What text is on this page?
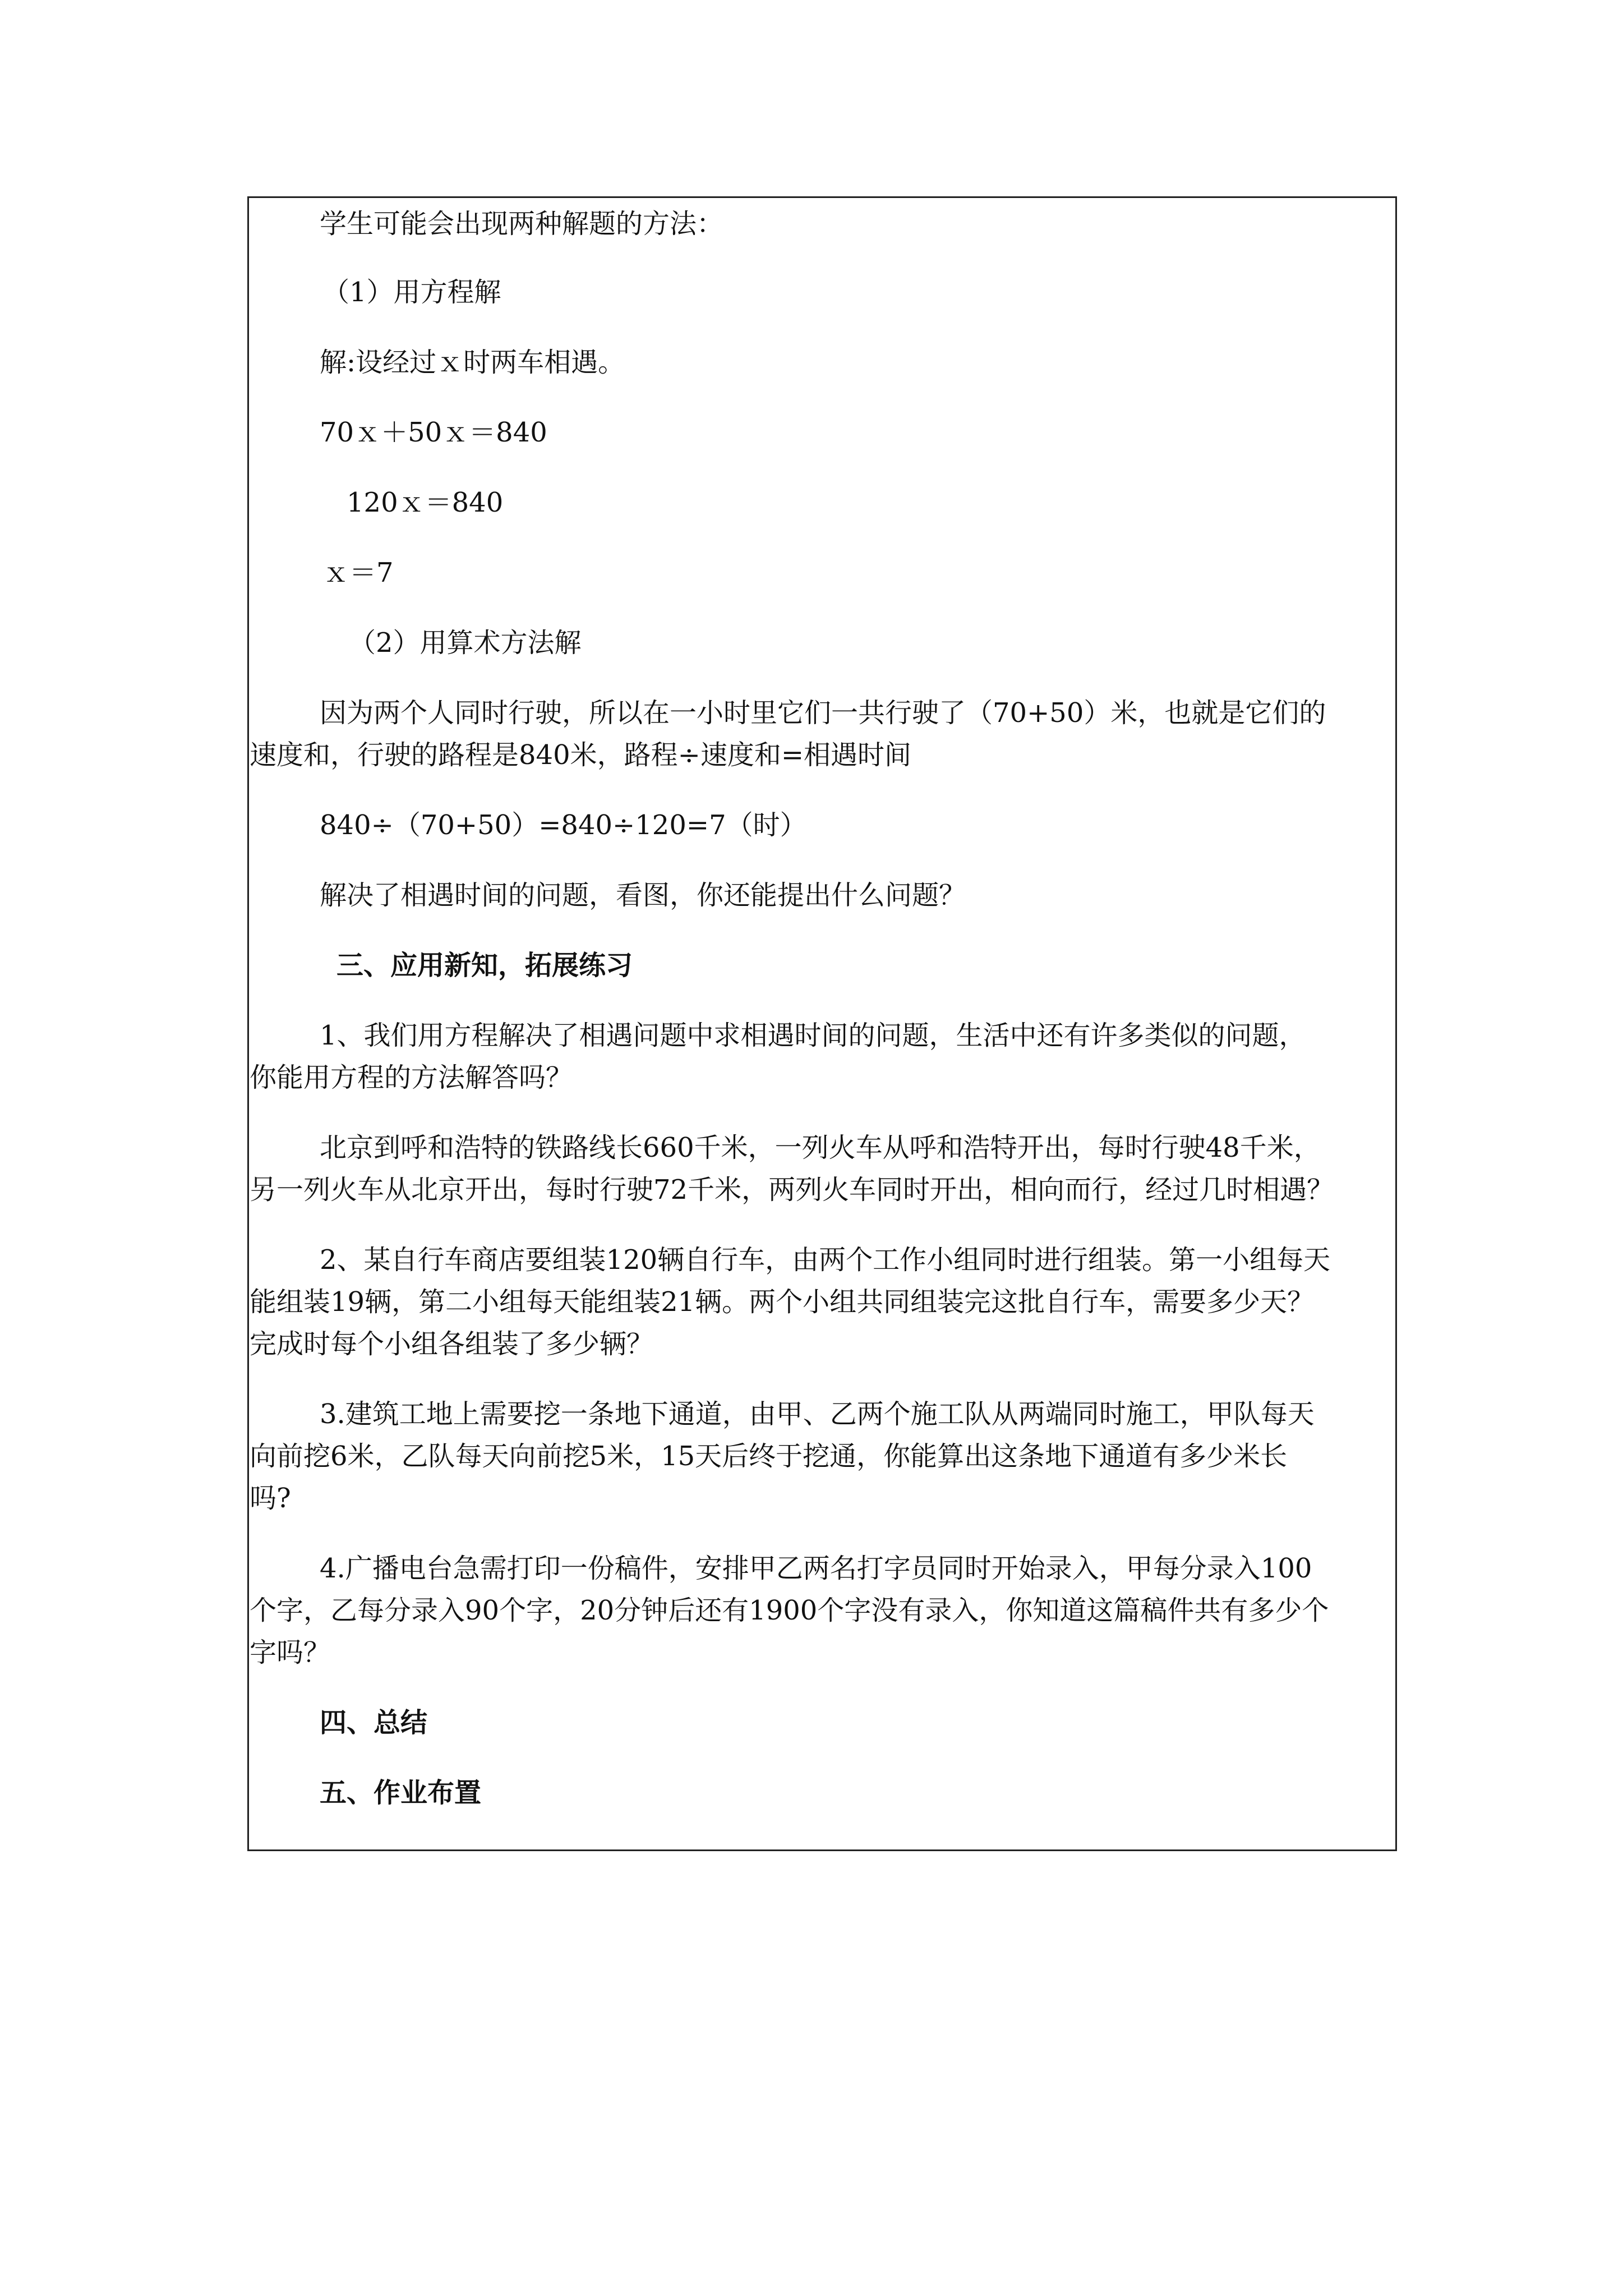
学生可能会出现两种解题的方法：

（1）用方程解

解:设经过ｘ时两车相遇。

70ｘ＋50ｘ＝840

120ｘ＝840

ｘ＝7

（2）用算术方法解

因为两个人同时行驶，所以在一小时里它们一共行驶了（70+50）米，也就是它们的

速度和，行驶的路程是840米，路程÷速度和=相遇时间

840÷（70+50）=840÷120=7（时）

解决了相遇时间的问题，看图，你还能提出什么问题？

三、应用新知，拓展练习

1、我们用方程解决了相遇问题中求相遇时间的问题，生活中还有许多类似的问题，

你能用方程的方法解答吗？

北京到呼和浩特的铁路线长660千米，一列火车从呼和浩特开出，每时行驶48千米，

另一列火车从北京开出，每时行驶72千米，两列火车同时开出，相向而行，经过几时相遇？

2、某自行车商店要组装120辆自行车，由两个工作小组同时进行组装。第一小组每天

能组装19辆，第二小组每天能组装21辆。两个小组共同组装完这批自行车，需要多少天？

完成时每个小组各组装了多少辆？

3.建筑工地上需要挖一条地下通道，由甲、乙两个施工队从两端同时施工，甲队每天

向前挖6米，乙队每天向前挖5米，15天后终于挖通，你能算出这条地下通道有多少米长

吗?

4.广播电台急需打印一份稿件，安排甲乙两名打字员同时开始录入，甲每分录入100

个字，乙每分录入90个字，20分钟后还有1900个字没有录入，你知道这篇稿件共有多少个

字吗？

四、总结

五、作业布置
